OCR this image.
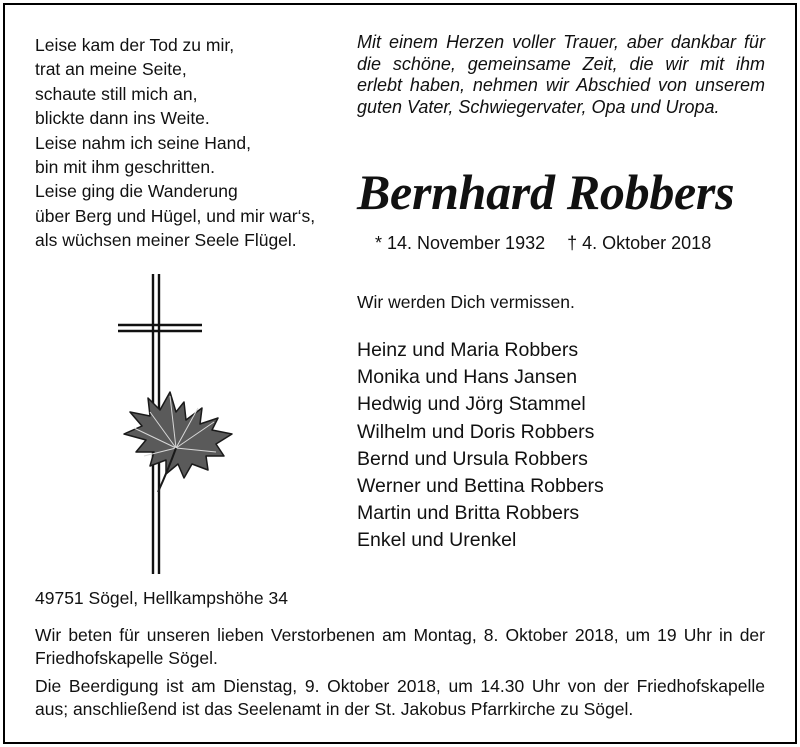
Leise kam der Tod zu mir,
trat an meine Seite,
schaute still mich an,
blickte dann ins Weite.
Leise nahm ich seine Hand,
bin mit ihm geschritten.
Leise ging die Wanderung
über Berg und Hügel, und mir war‘s,
als wüchsen meiner Seele Flügel.
Mit einem Herzen voller Trauer, aber dankbar für die schöne, gemeinsame Zeit, die wir mit ihm erlebt haben, nehmen wir Abschied von unserem guten Vater, Schwiegervater, Opa und Uropa.
Bernhard Robbers
* 14. November 1932 † 4. Oktober 2018
Wir werden Dich vermissen.
Heinz und Maria Robbers
Monika und Hans Jansen
Hedwig und Jörg Stammel
Wilhelm und Doris Robbers
Bernd und Ursula Robbers
Werner und Bettina Robbers
Martin und Britta Robbers
Enkel und Urenkel
49751 Sögel, Hellkampshöhe 34
Wir beten für unseren lieben Verstorbenen am Montag, 8. Oktober 2018, um 19 Uhr in der Friedhofskapelle Sögel.
Die Beerdigung ist am Dienstag, 9. Oktober 2018, um 14.30 Uhr von der Friedhofskapelle aus; anschließend ist das Seelenamt in der St. Jakobus Pfarrkirche zu Sögel.
